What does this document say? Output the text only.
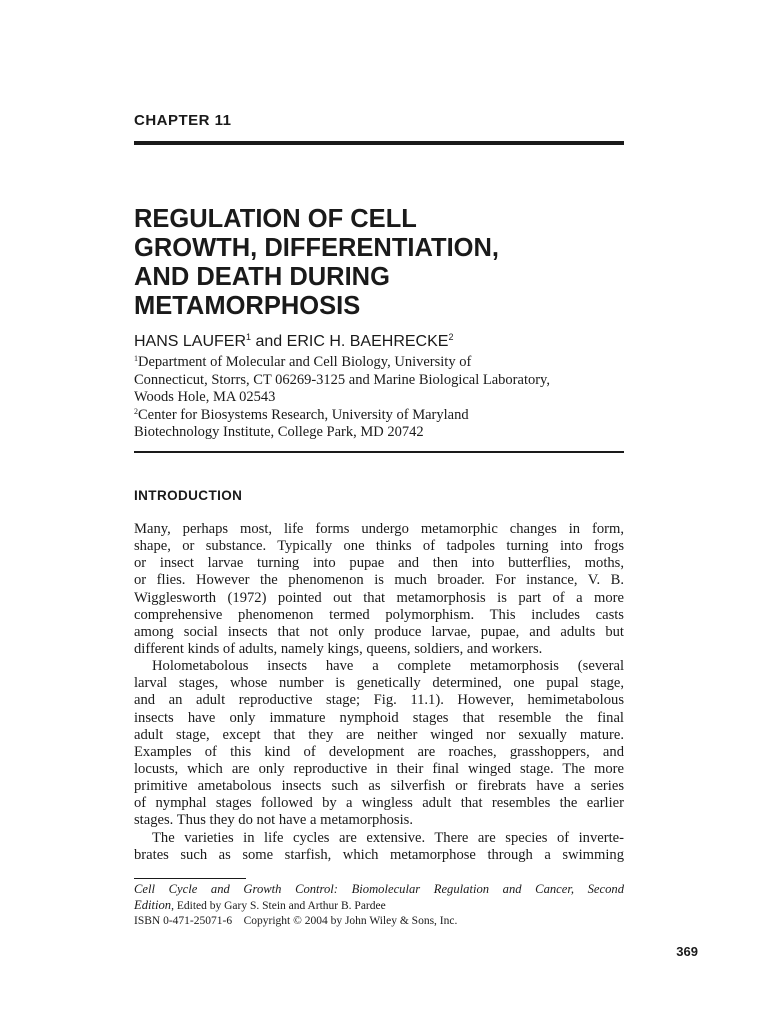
CHAPTER 11
REGULATION OF CELL
GROWTH, DIFFERENTIATION,
AND DEATH DURING
METAMORPHOSIS
HANS LAUFER$^1$ and ERIC H. BAEHRECKE$^2$
$^1$Department of Molecular and Cell Biology, University of
Connecticut, Storrs, CT 06269-3125 and Marine Biological Laboratory,
Woods Hole, MA 02543
$^2$Center for Biosystems Research, University of Maryland
Biotechnology Institute, College Park, MD 20742
INTRODUCTION
Many, perhaps most, life forms undergo metamorphic changes in form,
shape, or substance. Typically one thinks of tadpoles turning into frogs
or insect larvae turning into pupae and then into butterflies, moths,
or flies. However the phenomenon is much broader. For instance, V. B.
Wigglesworth (1972) pointed out that metamorphosis is part of a more
comprehensive phenomenon termed polymorphism. This includes casts
among social insects that not only produce larvae, pupae, and adults but
different kinds of adults, namely kings, queens, soldiers, and workers.
Holometabolous insects have a complete metamorphosis (several
larval stages, whose number is genetically determined, one pupal stage,
and an adult reproductive stage; Fig. 11.1). However, hemimetabolous
insects have only immature nymphoid stages that resemble the final
adult stage, except that they are neither winged nor sexually mature.
Examples of this kind of development are roaches, grasshoppers, and
locusts, which are only reproductive in their final winged stage. The more
primitive ametabolous insects such as silverfish or firebrats have a series
of nymphal stages followed by a wingless adult that resembles the earlier
stages. Thus they do not have a metamorphosis.
The varieties in life cycles are extensive. There are species of inverte-
brates such as some starfish, which metamorphose through a swimming
Cell Cycle and Growth Control: Biomolecular Regulation and Cancer, Second
Edition, Edited by Gary S. Stein and Arthur B. Pardee
ISBN 0-471-25071-6    Copyright © 2004 by John Wiley & Sons, Inc.
369
